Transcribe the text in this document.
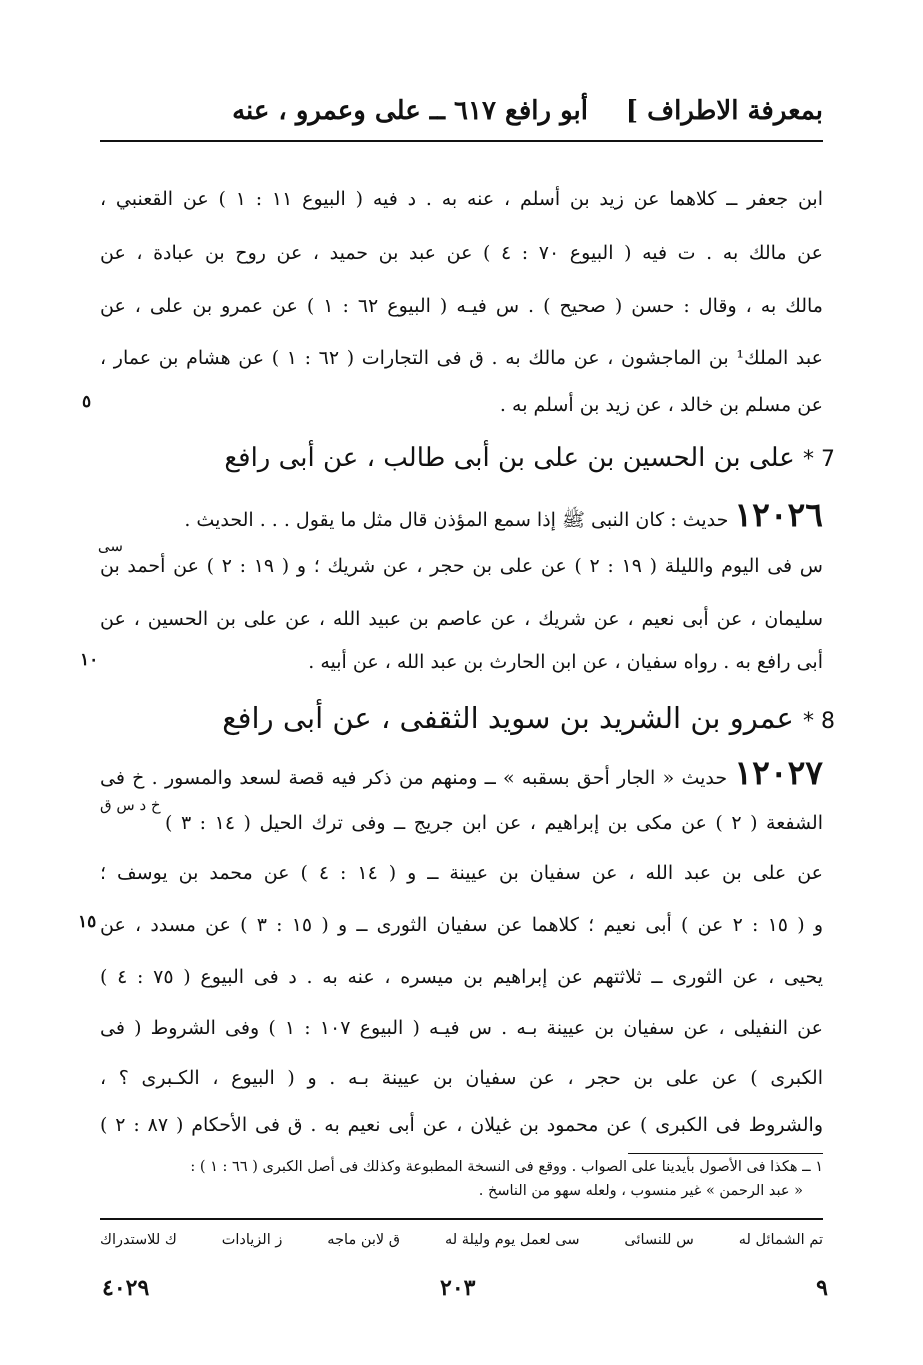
بمعرفة الاطراف ]
أبو رافع ٦١٧ ــ على وعمرو ، عنه
ابن جعفر ــ كلاهما عن زيد بن أسلم ، عنه به . د فيه ( البيوع ١١ : ١ ) عن القعنبي ،
عن مالك به . ت فيه ( البيوع ٧٠ : ٤ ) عن عبد بن حميد ، عن روح بن عبادة ، عن
مالك به ، وقال : حسن ( صحيح ) . س فيـه ( البيوع ٦٢ : ١ ) عن عمرو بن على ، عن
عبد الملك¹ بن الماجشون ، عن مالك به . ق فى التجارات ( ٦٢ : ١ ) عن هشام بن عمار ،
عن مسلم بن خالد ، عن زيد بن أسلم به .
٥
7 * على بن الحسين بن على بن أبى طالب ، عن أبى رافع
١٢٠٢٦ حديث : كان النبى ﷺ إذا سمع المؤذن قال مثل ما يقول . . . الحديث .
سى
س فى اليوم والليلة ( ١٩ : ٢ ) عن على بن حجر ، عن شريك ؛ و ( ١٩ : ٢ ) عن أحمد بن
سليمان ، عن أبى نعيم ، عن شريك ، عن عاصم بن عبيد الله ، عن على بن الحسين ، عن
أبى رافع به . رواه سفيان ، عن ابن الحارث بن عبد الله ، عن أبيه .
١٠
8 * عمرو بن الشريد بن سويد الثقفى ، عن أبى رافع
١٢٠٢٧ حديث « الجار أحق بسقبه » ــ ومنهم من ذكر فيه قصة لسعد والمسور . خ فى
خ د س ق
الشفعة ( ٢ ) عن مكى بن إبراهيم ، عن ابن جريج ــ وفى ترك الحيل ( ١٤ : ٣ )
عن على بن عبد الله ، عن سفيان بن عيينة ــ و ( ١٤ : ٤ ) عن محمد بن يوسف ؛
و ( ١٥ : ٢ عن ) أبى نعيم ؛ كلاهما عن سفيان الثورى ــ و ( ١٥ : ٣ ) عن مسدد ، عن
١٥
يحيى ، عن الثورى ــ ثلاثتهم عن إبراهيم بن ميسره ، عنه به . د فى البيوع ( ٧٥ : ٤ )
عن النفيلى ، عن سفيان بن عيينة بـه . س فيـه ( البيوع ١٠٧ : ١ ) وفى الشروط ( فى
الكبرى ) عن على بن حجر ، عن سفيان بن عيينة بـه . و ( البيوع ، الكـبرى ؟ ،
والشروط فى الكبرى ) عن محمود بن غيلان ، عن أبى نعيم به . ق فى الأحكام ( ٨٧ : ٢ )
١ ــ هكذا فى الأصول بأيدينا على الصواب . ووقع فى النسخة المطبوعة وكذلك فى أصل الكبرى ( ٦٦ : ١ ) :
« عبد الرحمن » غير منسوب ، ولعله سهو من الناسخ .
تم الشمائل له
س للنسائى
سى لعمل يوم وليلة له
ق لابن ماجه
ز الزيادات
ك للاستدراك
٩
٢٠٣
٤٠٢٩
